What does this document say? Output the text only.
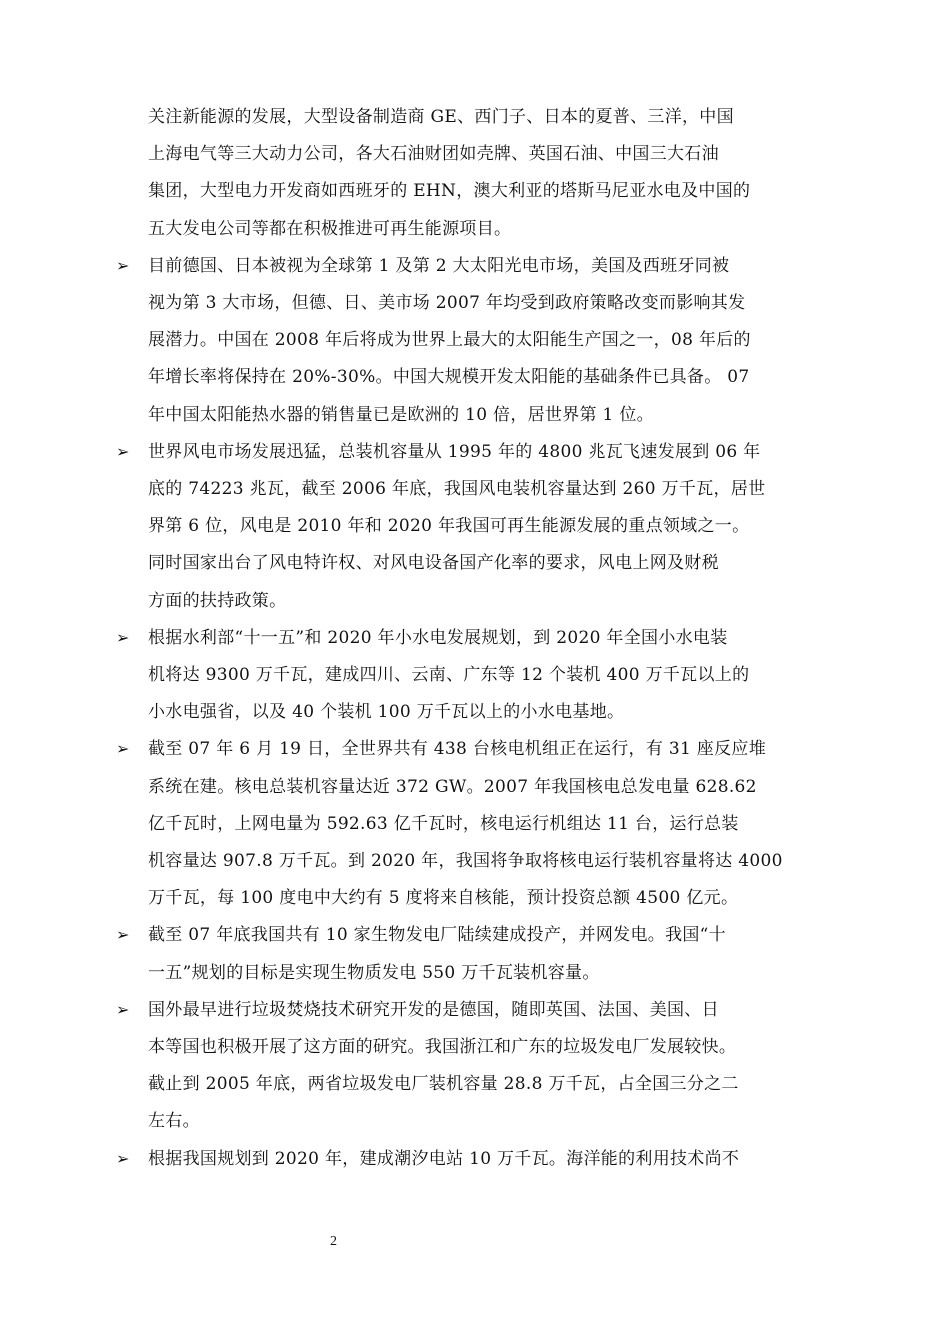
关注新能源的发展，大型设备制造商 GE、西门子、日本的夏普、三洋，中国
上海电气等三大动力公司，各大石油财团如壳牌、英国石油、中国三大石油
集团，大型电力开发商如西班牙的 EHN，澳大利亚的塔斯马尼亚水电及中国的
五大发电公司等都在积极推进可再生能源项目。
➢ 目前德国、日本被视为全球第 1 及第 2 大太阳光电市场，美国及西班牙同被
视为第 3 大市场，但德、日、美市场 2007 年均受到政府策略改变而影响其发
展潜力。中国在 2008 年后将成为世界上最大的太阳能生产国之一，08 年后的
年增长率将保持在 20%-30%。中国大规模开发太阳能的基础条件已具备。 07
年中国太阳能热水器的销售量已是欧洲的 10 倍，居世界第 1 位。
➢ 世界风电市场发展迅猛，总装机容量从 1995 年的 4800 兆瓦飞速发展到 06 年
底的 74223 兆瓦，截至 2006 年底，我国风电装机容量达到 260 万千瓦，居世
界第 6 位，风电是 2010 年和 2020 年我国可再生能源发展的重点领域之一。
同时国家出台了风电特许权、对风电设备国产化率的要求，风电上网及财税
方面的扶持政策。
➢ 根据水利部“十一五”和 2020 年小水电发展规划，到 2020 年全国小水电装
机将达 9300 万千瓦，建成四川、云南、广东等 12 个装机 400 万千瓦以上的
小水电强省，以及 40 个装机 100 万千瓦以上的小水电基地。
➢ 截至 07 年 6 月 19 日，全世界共有 438 台核电机组正在运行，有 31 座反应堆
系统在建。核电总装机容量达近 372 GW。2007 年我国核电总发电量 628.62
亿千瓦时，上网电量为 592.63 亿千瓦时，核电运行机组达 11 台，运行总装
机容量达 907.8 万千瓦。到 2020 年，我国将争取将核电运行装机容量将达 4000
万千瓦，每 100 度电中大约有 5 度将来自核能，预计投资总额 4500 亿元。
➢ 截至 07 年底我国共有 10 家生物发电厂陆续建成投产，并网发电。我国“十
一五”规划的目标是实现生物质发电 550 万千瓦装机容量。
➢ 国外最早进行垃圾焚烧技术研究开发的是德国，随即英国、法国、美国、日
本等国也积极开展了这方面的研究。我国浙江和广东的垃圾发电厂发展较快。
截止到 2005 年底，两省垃圾发电厂装机容量 28.8 万千瓦，占全国三分之二
左右。
➢ 根据我国规划到 2020 年，建成潮汐电站 10 万千瓦。海洋能的利用技术尚不
2
